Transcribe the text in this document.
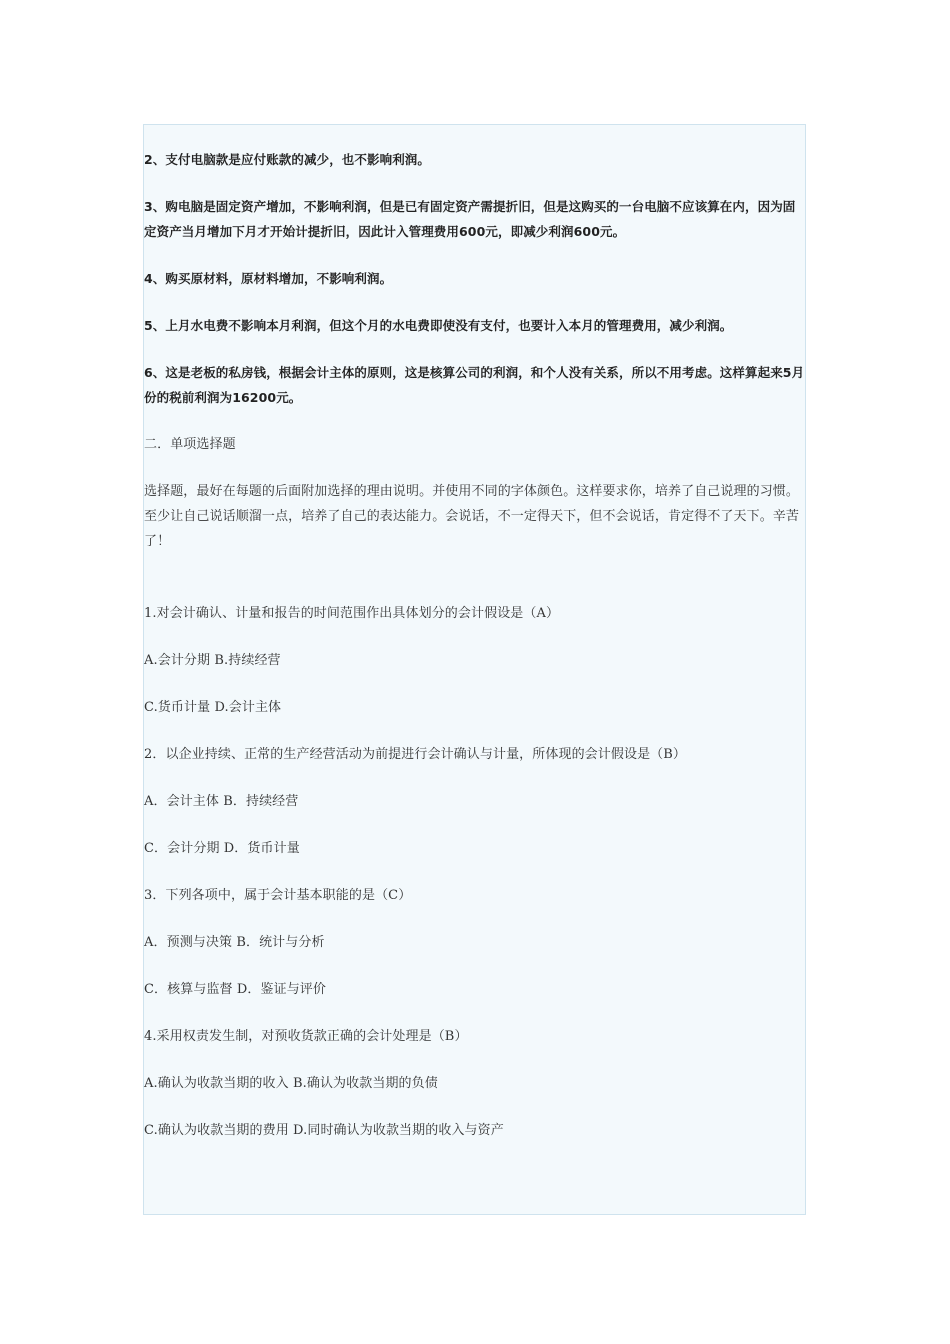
2、支付电脑款是应付账款的减少，也不影响利润。

3、购电脑是固定资产增加，不影响利润，但是已有固定资产需提折旧，但是这购买的一台电脑不应该算在内，因为固定资产当月增加下月才开始计提折旧，因此计入管理费用600元，即减少利润600元。

4、购买原材料，原材料增加，不影响利润。

5、上月水电费不影响本月利润，但这个月的水电费即使没有支付，也要计入本月的管理费用，减少利润。

6、这是老板的私房钱，根据会计主体的原则，这是核算公司的利润，和个人没有关系，所以不用考虑。这样算起来5月份的税前利润为16200元。

二．单项选择题

选择题，最好在每题的后面附加选择的理由说明。并使用不同的字体颜色。这样要求你，培养了自己说理的习惯。至少让自己说话顺溜一点，培养了自己的表达能力。会说话，不一定得天下，但不会说话，肯定得不了天下。辛苦了！

1.对会计确认、计量和报告的时间范围作出具体划分的会计假设是（A）

A.会计分期 B.持续经营

C.货币计量 D.会计主体

2．以企业持续、正常的生产经营活动为前提进行会计确认与计量，所体现的会计假设是（B）

A．会计主体 B．持续经营

C．会计分期 D．货币计量

3．下列各项中，属于会计基本职能的是（C）

A．预测与决策 B．统计与分析

C．核算与监督 D．鉴证与评价

4.采用权责发生制，对预收货款正确的会计处理是（B）

A.确认为收款当期的收入 B.确认为收款当期的负债

C.确认为收款当期的费用 D.同时确认为收款当期的收入与资产
